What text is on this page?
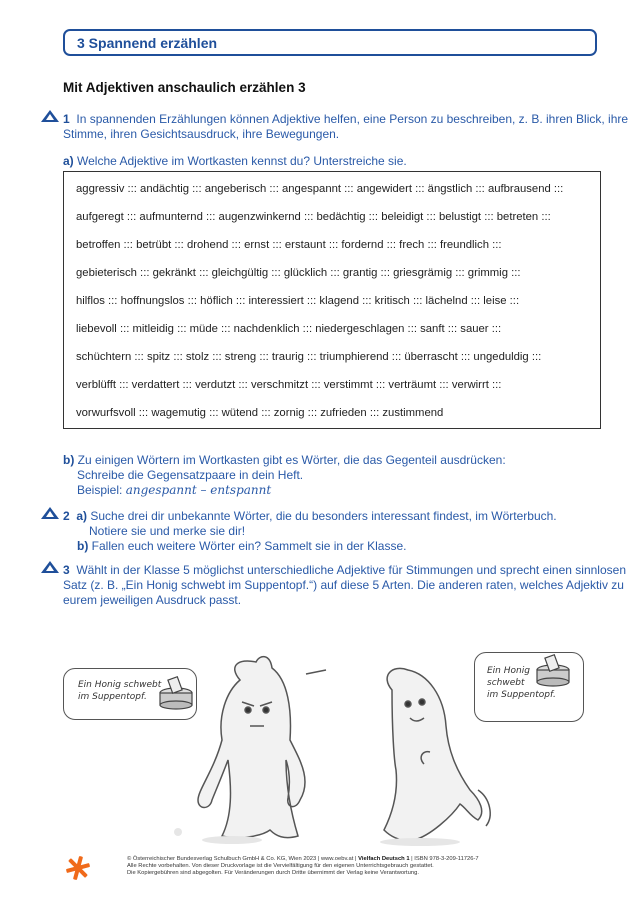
3 Spannend erzählen
Mit Adjektiven anschaulich erzählen 3
1 In spannenden Erzählungen können Adjektive helfen, eine Person zu beschreiben, z. B. ihren Blick, ihre
Stimme, ihren Gesichtsausdruck, ihre Bewegungen.
a) Welche Adjektive im Wortkasten kennst du? Unterstreiche sie.
aggressiv ::: andächtig ::: angeberisch ::: angespannt ::: angewidert ::: ängstlich ::: aufbrausend :::
aufgeregt ::: aufmunternd ::: augenzwinkernd ::: bedächtig ::: beleidigt ::: belustigt ::: betreten :::
betroffen ::: betrübt ::: drohend ::: ernst ::: erstaunt ::: fordernd ::: frech ::: freundlich :::
gebieterisch ::: gekränkt ::: gleichgültig ::: glücklich ::: grantig ::: griesgrämig ::: grimmig :::
hilflos ::: hoffnungslos ::: höflich ::: interessiert ::: klagend ::: kritisch ::: lächelnd ::: leise :::
liebevoll ::: mitleidig ::: müde ::: nachdenklich ::: niedergeschlagen ::: sanft ::: sauer :::
schüchtern ::: spitz ::: stolz ::: streng ::: traurig ::: triumphierend ::: überrascht ::: ungeduldig :::
verblüfft ::: verdattert ::: verdutzt ::: verschmitzt ::: verstimmt ::: verträumt ::: verwirrt :::
vorwurfsvoll ::: wagemutig ::: wütend ::: zornig ::: zufrieden ::: zustimmend
b) Zu einigen Wörtern im Wortkasten gibt es Wörter, die das Gegenteil ausdrücken:
Schreibe die Gegensatzpaare in dein Heft.
Beispiel: angespannt – entspannt
2 a) Suche drei dir unbekannte Wörter, die du besonders interessant findest, im Wörterbuch.
Notiere sie und merke sie dir!
b) Fallen euch weitere Wörter ein? Sammelt sie in der Klasse.
3 Wählt in der Klasse 5 möglichst unterschiedliche Adjektive für Stimmungen und sprecht einen sinnlosen
Satz (z. B. „Ein Honig schwebt im Suppentopf.“) auf diese 5 Arten. Die anderen raten, welches Adjektiv zu
eurem jeweiligen Ausdruck passt.
Ein Honig schwebt
im Suppentopf.
Ein Honig
schwebt
im Suppentopf.
© Österreichischer Bundesverlag Schulbuch GmbH & Co. KG, Wien 2023 | www.oebv.at | Vielfach Deutsch 1 | ISBN 978-3-209-11726-7
Alle Rechte vorbehalten. Von dieser Druckvorlage ist die Vervielfältigung für den eigenen Unterrichtsgebrauch gestattet.
Die Kopiergebühren sind abgegolten. Für Veränderungen durch Dritte übernimmt der Verlag keine Verantwortung.
